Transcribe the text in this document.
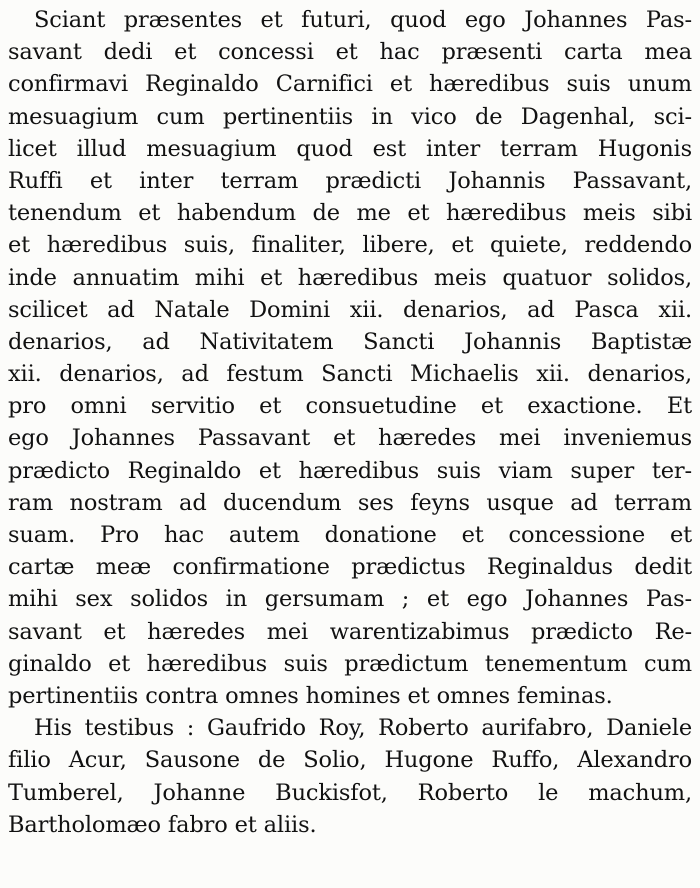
Sciant præsentes et futuri, quod ego Johannes Pas-
savant dedi et concessi et hac præsenti carta mea
confirmavi Reginaldo Carnifici et hæredibus suis unum
mesuagium cum pertinentiis in vico de Dagenhal, sci-
licet illud mesuagium quod est inter terram Hugonis
Ruffi et inter terram prædicti Johannis Passavant,
tenendum et habendum de me et hæredibus meis sibi
et hæredibus suis, finaliter, libere, et quiete, reddendo
inde annuatim mihi et hæredibus meis quatuor solidos,
scilicet ad Natale Domini xii. denarios, ad Pasca xii.
denarios, ad Nativitatem Sancti Johannis Baptistæ
xii. denarios, ad festum Sancti Michaelis xii. denarios,
pro omni servitio et consuetudine et exactione. Et
ego Johannes Passavant et hæredes mei inveniemus
prædicto Reginaldo et hæredibus suis viam super ter-
ram nostram ad ducendum ses feyns usque ad terram
suam. Pro hac autem donatione et concessione et
cartæ meæ confirmatione prædictus Reginaldus dedit
mihi sex solidos in gersumam ; et ego Johannes Pas-
savant et hæredes mei warentizabimus prædicto Re-
ginaldo et hæredibus suis prædictum tenementum cum
pertinentiis contra omnes homines et omnes feminas.
His testibus : Gaufrido Roy, Roberto aurifabro, Daniele
filio Acur, Sausone de Solio, Hugone Ruffo, Alexandro
Tumberel, Johanne Buckisfot, Roberto le machum,
Bartholomæo fabro et aliis.
